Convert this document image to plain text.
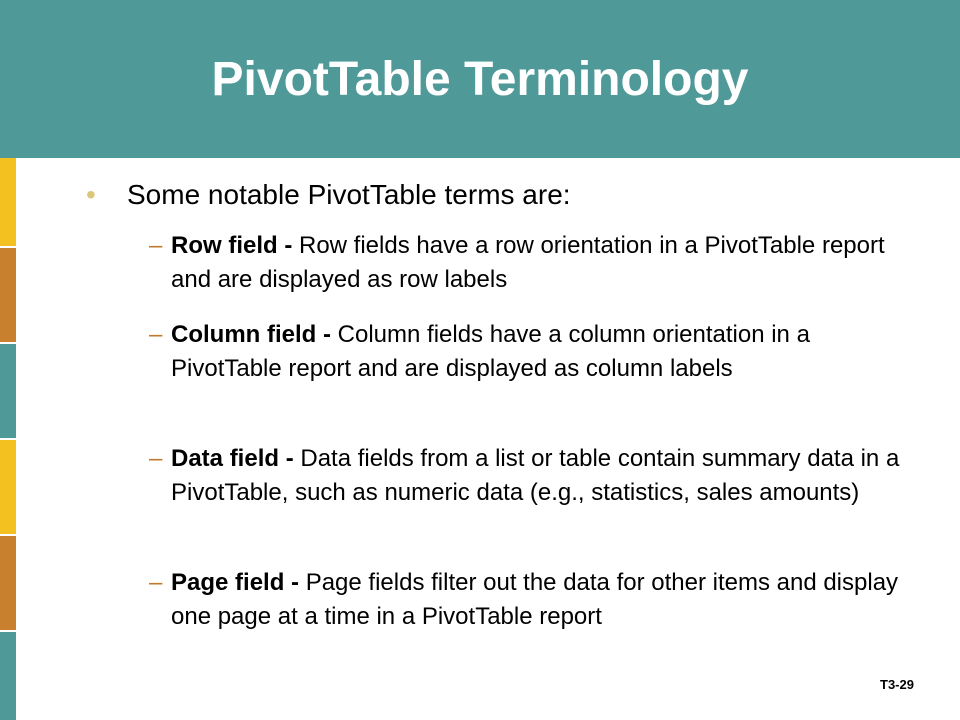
PivotTable Terminology
• Some notable PivotTable terms are:
– Row field - Row fields have a row orientation in a PivotTable report and are displayed as row labels
– Column field - Column fields have a column orientation in a PivotTable report and are displayed as column labels
– Data field - Data fields from a list or table contain summary data in a PivotTable, such as numeric data (e.g., statistics, sales amounts)
– Page field - Page fields filter out the data for other items and display one page at a time in a PivotTable report
T3-29
